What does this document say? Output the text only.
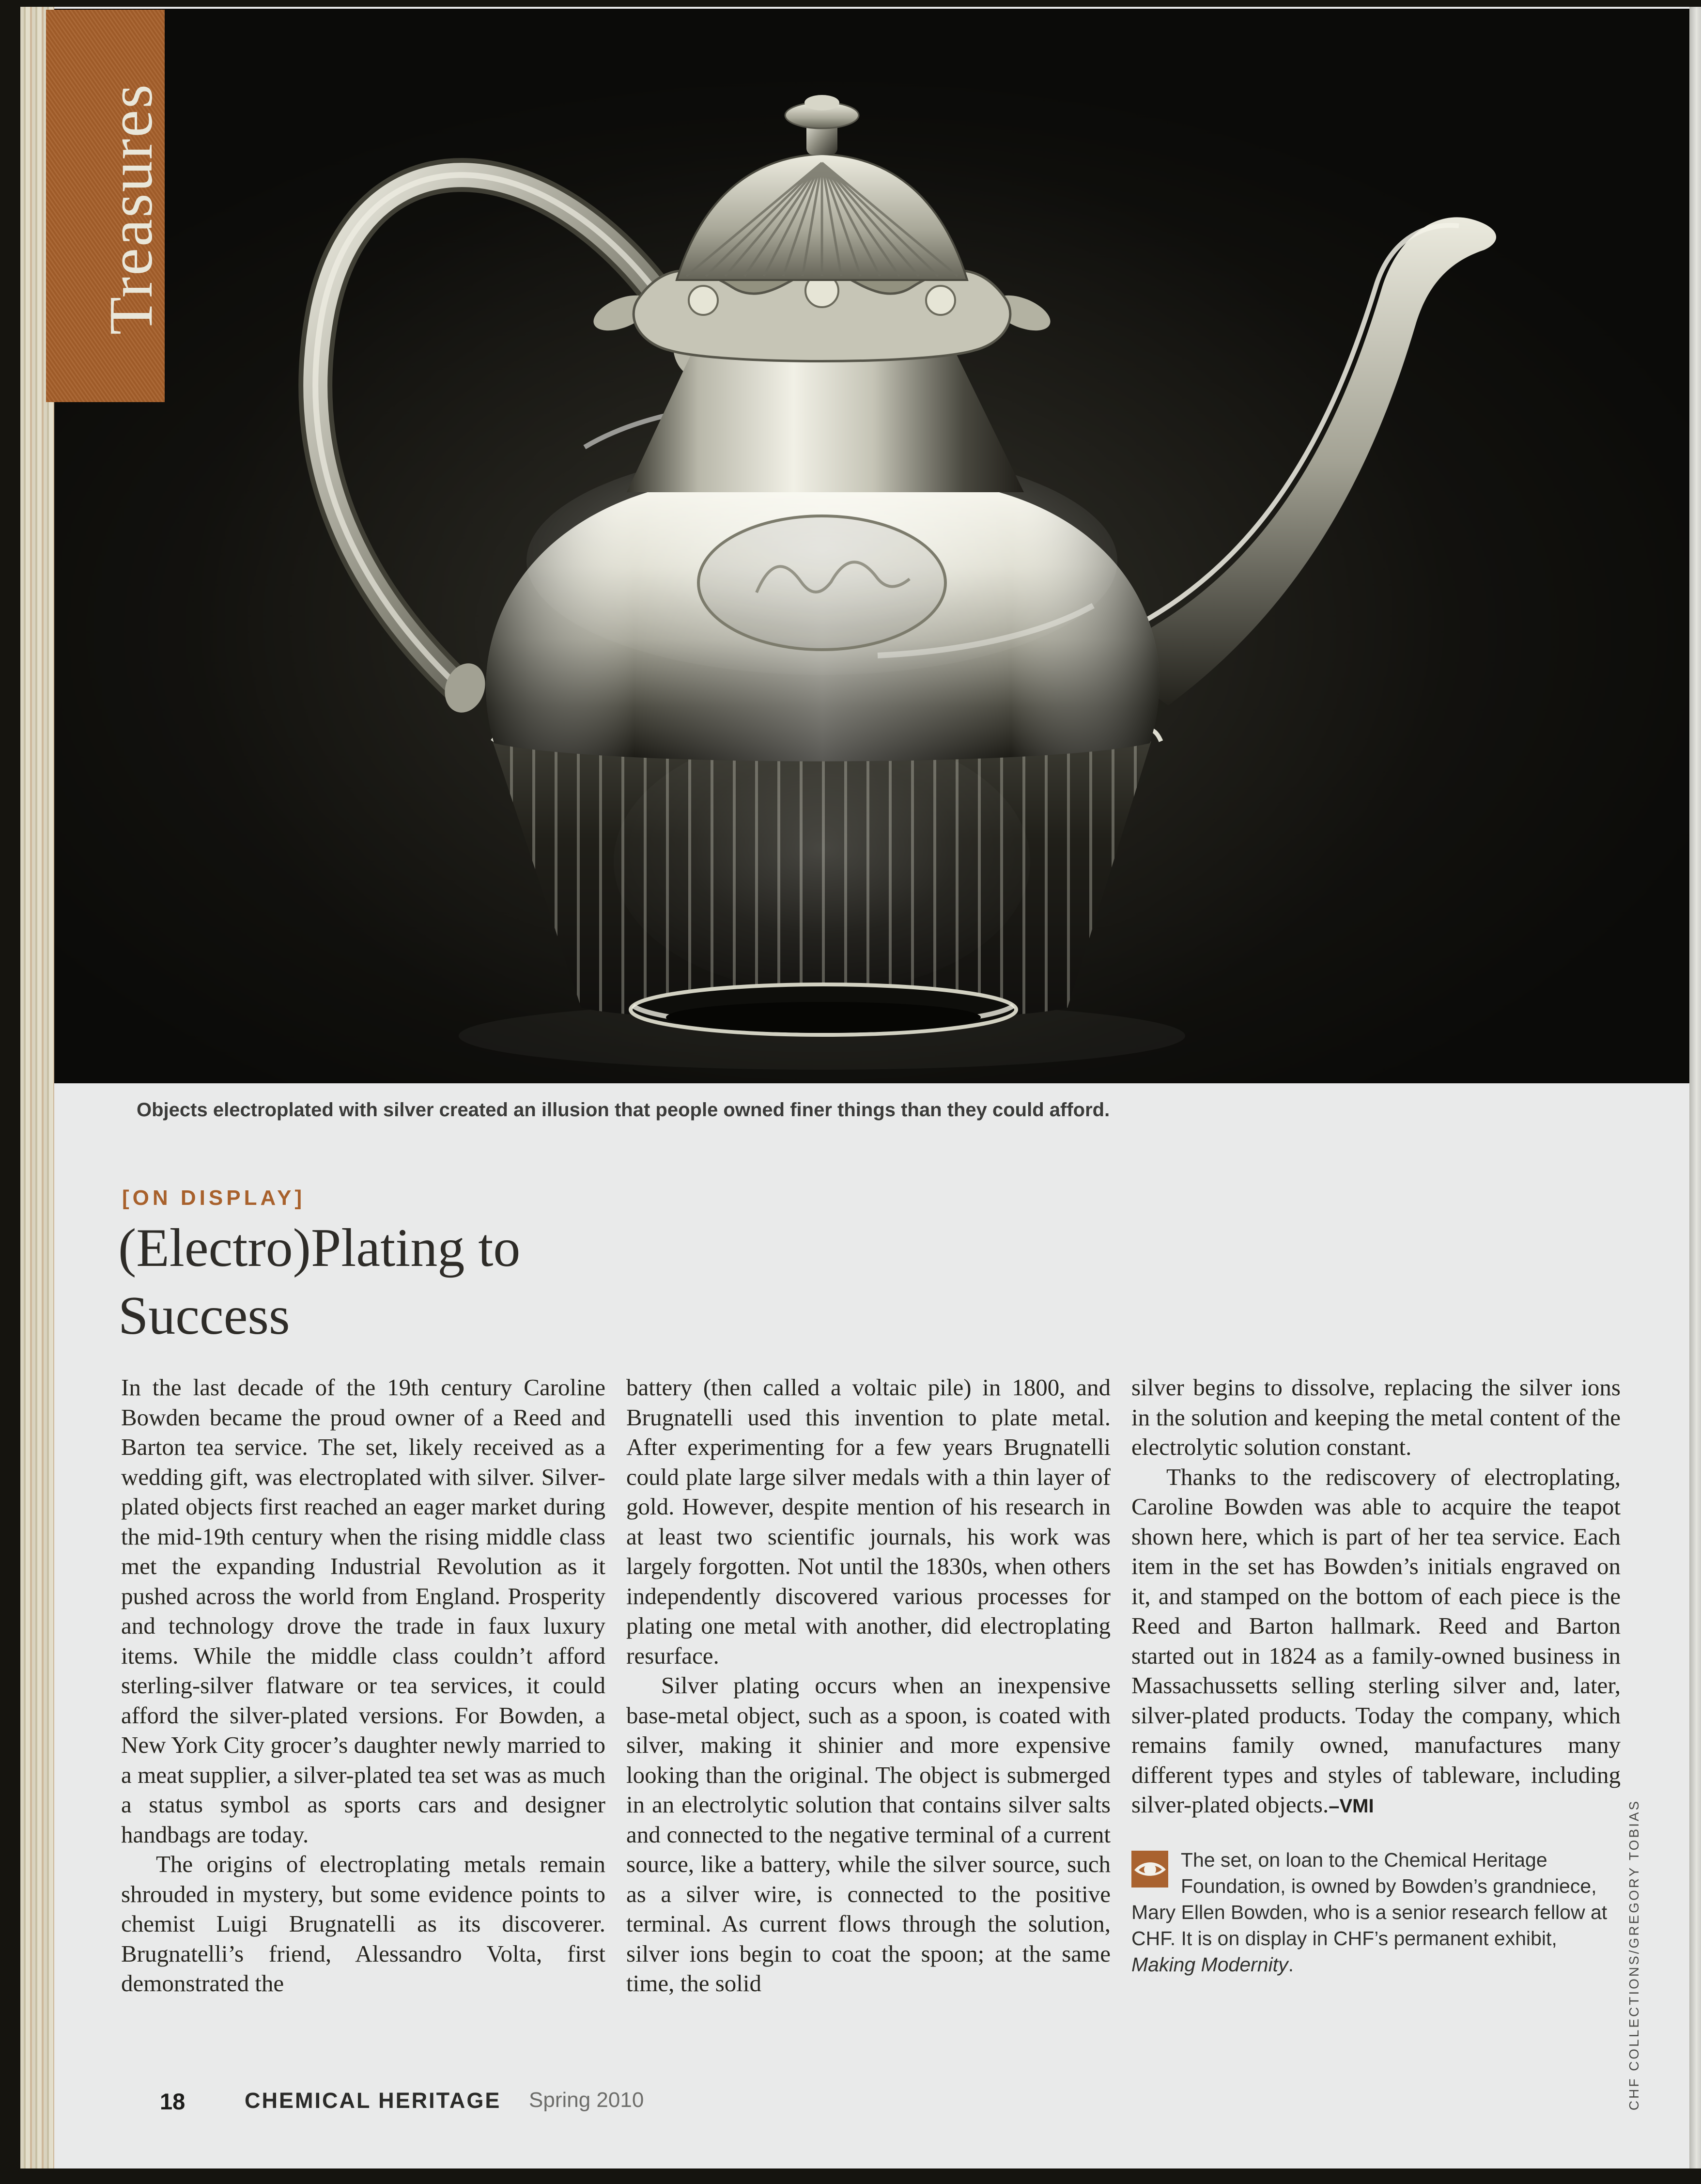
Treasures
Objects electroplated with silver created an illusion that people owned finer things than they could afford.
[ON DISPLAY]
(Electro)Plating to
Success

In the last decade of the 19th century Caroline Bowden became the proud owner of a Reed and Barton tea service. The set, likely received as a wedding gift, was electroplated with silver. Silver-plated objects first reached an eager market during the mid-19th century when the rising middle class met the expanding Industrial Revolution as it pushed across the world from England. Prosperity and technology drove the trade in faux luxury items. While the middle class couldn’t afford sterling-silver flatware or tea services, it could afford the silver-plated versions. For Bowden, a New York City grocer’s daughter newly married to a meat supplier, a silver-plated tea set was as much a status symbol as sports cars and designer handbags are today.

The origins of electroplating metals remain shrouded in mystery, but some evidence points to chemist Luigi Brugnatelli as its discoverer. Brugnatelli’s friend, Alessandro Volta, first demonstrated the

battery (then called a voltaic pile) in 1800, and Brugnatelli used this invention to plate metal. After experimenting for a few years Brugnatelli could plate large silver medals with a thin layer of gold. However, despite mention of his research in at least two scientific journals, his work was largely forgotten. Not until the 1830s, when others independently discovered various processes for plating one metal with another, did electroplating resurface.

Silver plating occurs when an inexpensive base-metal object, such as a spoon, is coated with silver, making it shinier and more expensive looking than the original. The object is submerged in an electrolytic solution that contains silver salts and connected to the negative terminal of a current source, like a battery, while the silver source, such as a silver wire, is connected to the positive terminal. As current flows through the solution, silver ions begin to coat the spoon; at the same time, the solid

silver begins to dissolve, replacing the silver ions in the solution and keeping the metal content of the electrolytic solution constant.

Thanks to the rediscovery of electroplating, Caroline Bowden was able to acquire the teapot shown here, which is part of her tea service. Each item in the set has Bowden’s initials engraved on it, and stamped on the bottom of each piece is the Reed and Barton hallmark. Reed and Barton started out in 1824 as a family-owned business in Massachussetts selling sterling silver and, later, silver-plated products. Today the company, which remains family owned, manufactures many different types and styles of tableware, including silver-plated objects.–VMI

The set, on loan to the Chemical Heritage Foundation, is owned by Bowden’s grandniece, Mary Ellen Bowden, who is a senior research fellow at CHF. It is on display in CHF’s permanent exhibit, Making Modernity.	CHF COLLECTIONS/GREGORY TOBIAS
18	CHEMICAL HERITAGE Spring 2010
